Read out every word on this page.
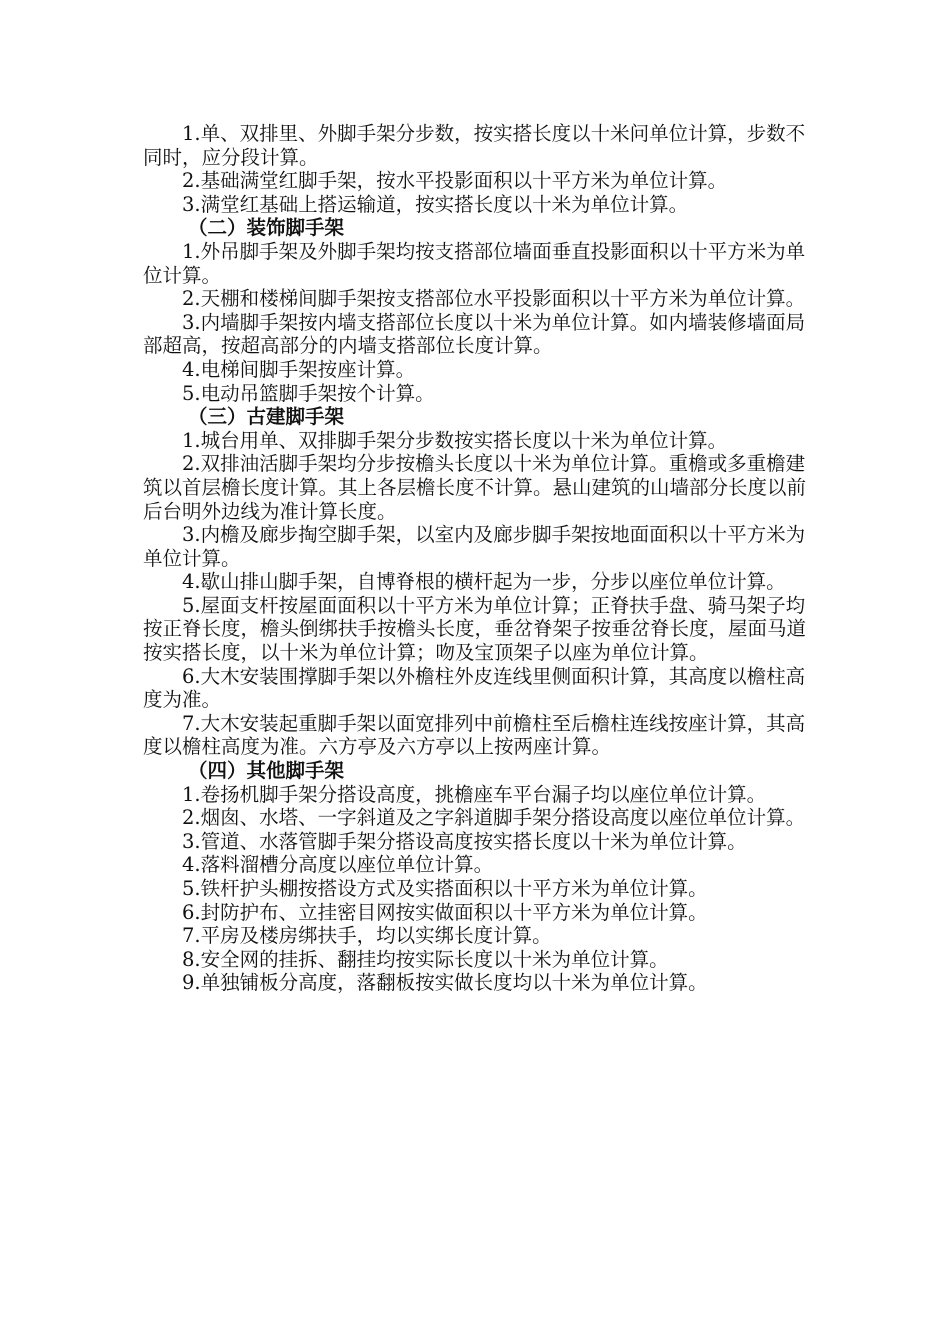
1.单、双排里、外脚手架分步数，按实搭长度以十米问单位计算，步数不同时，应分段计算。

2.基础满堂红脚手架，按水平投影面积以十平方米为单位计算。

3.满堂红基础上搭运输道，按实搭长度以十米为单位计算。

（二）装饰脚手架

1.外吊脚手架及外脚手架均按支搭部位墙面垂直投影面积以十平方米为单位计算。

2.天棚和楼梯间脚手架按支搭部位水平投影面积以十平方米为单位计算。

3.内墙脚手架按内墙支搭部位长度以十米为单位计算。如内墙装修墙面局部超高，按超高部分的内墙支搭部位长度计算。

4.电梯间脚手架按座计算。

5.电动吊篮脚手架按个计算。

（三）古建脚手架

1.城台用单、双排脚手架分步数按实搭长度以十米为单位计算。

2.双排油活脚手架均分步按檐头长度以十米为单位计算。重檐或多重檐建筑以首层檐长度计算。其上各层檐长度不计算。悬山建筑的山墙部分长度以前后台明外边线为准计算长度。

3.内檐及廊步掏空脚手架，以室内及廊步脚手架按地面面积以十平方米为单位计算。

4.歇山排山脚手架，自博脊根的横杆起为一步，分步以座位单位计算。

5.屋面支杆按屋面面积以十平方米为单位计算；正脊扶手盘、骑马架子均按正脊长度，檐头倒绑扶手按檐头长度，垂岔脊架子按垂岔脊长度，屋面马道按实搭长度，以十米为单位计算；吻及宝顶架子以座为单位计算。

6.大木安装围撑脚手架以外檐柱外皮连线里侧面积计算，其高度以檐柱高度为准。

7.大木安装起重脚手架以面宽排列中前檐柱至后檐柱连线按座计算，其高度以檐柱高度为准。六方亭及六方亭以上按两座计算。

（四）其他脚手架

1.卷扬机脚手架分搭设高度，挑檐座车平台漏子均以座位单位计算。

2.烟囱、水塔、一字斜道及之字斜道脚手架分搭设高度以座位单位计算。

3.管道、水落管脚手架分搭设高度按实搭长度以十米为单位计算。

4.落料溜槽分高度以座位单位计算。

5.铁杆护头棚按搭设方式及实搭面积以十平方米为单位计算。

6.封防护布、立挂密目网按实做面积以十平方米为单位计算。

7.平房及楼房绑扶手，均以实绑长度计算。

8.安全网的挂拆、翻挂均按实际长度以十米为单位计算。

9.单独铺板分高度，落翻板按实做长度均以十米为单位计算。
